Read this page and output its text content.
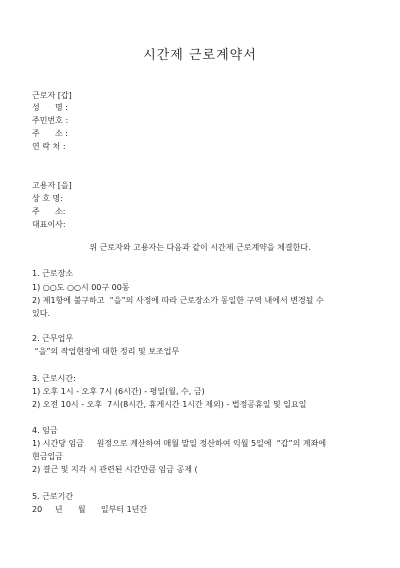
시간제 근로계약서
근로자 [갑]
성      명 :
주민번호 :
주      소 :
연 락 처 :
고용자 [을]
상 호 명:
주      소:
대표이사:
위 근로자와 고용자는 다음과 같이 시간제 근로계약을 체결한다.
1. 근로장소
1) ○○도 ○○시 00구 00동
2) 제1항에 불구하고  “을”의 사정에 따라 근로장소가 동일한 구역 내에서 변경될 수
있다.
2. 근무업무
“을”의 작업현장에 대한 정리 및 보조업무
3. 근로시간:
1) 오후 1시 - 오후 7시 (6시간) - 평일(월, 수, 금)
2) 오전 10시 - 오후  7시(8시간, 휴게시간 1시간 제외) - 법정공휴일 및 일요일
4. 임금
1) 시간당 임금     원정으로 계산하여 매월 말일 정산하여 익월 5일에  “갑”의 계좌에
현금입금
2) 결근 및 지각 시 관련된 시간만큼 임금 공제 (
5. 근로기간
20     년      월      일부터 1년간
